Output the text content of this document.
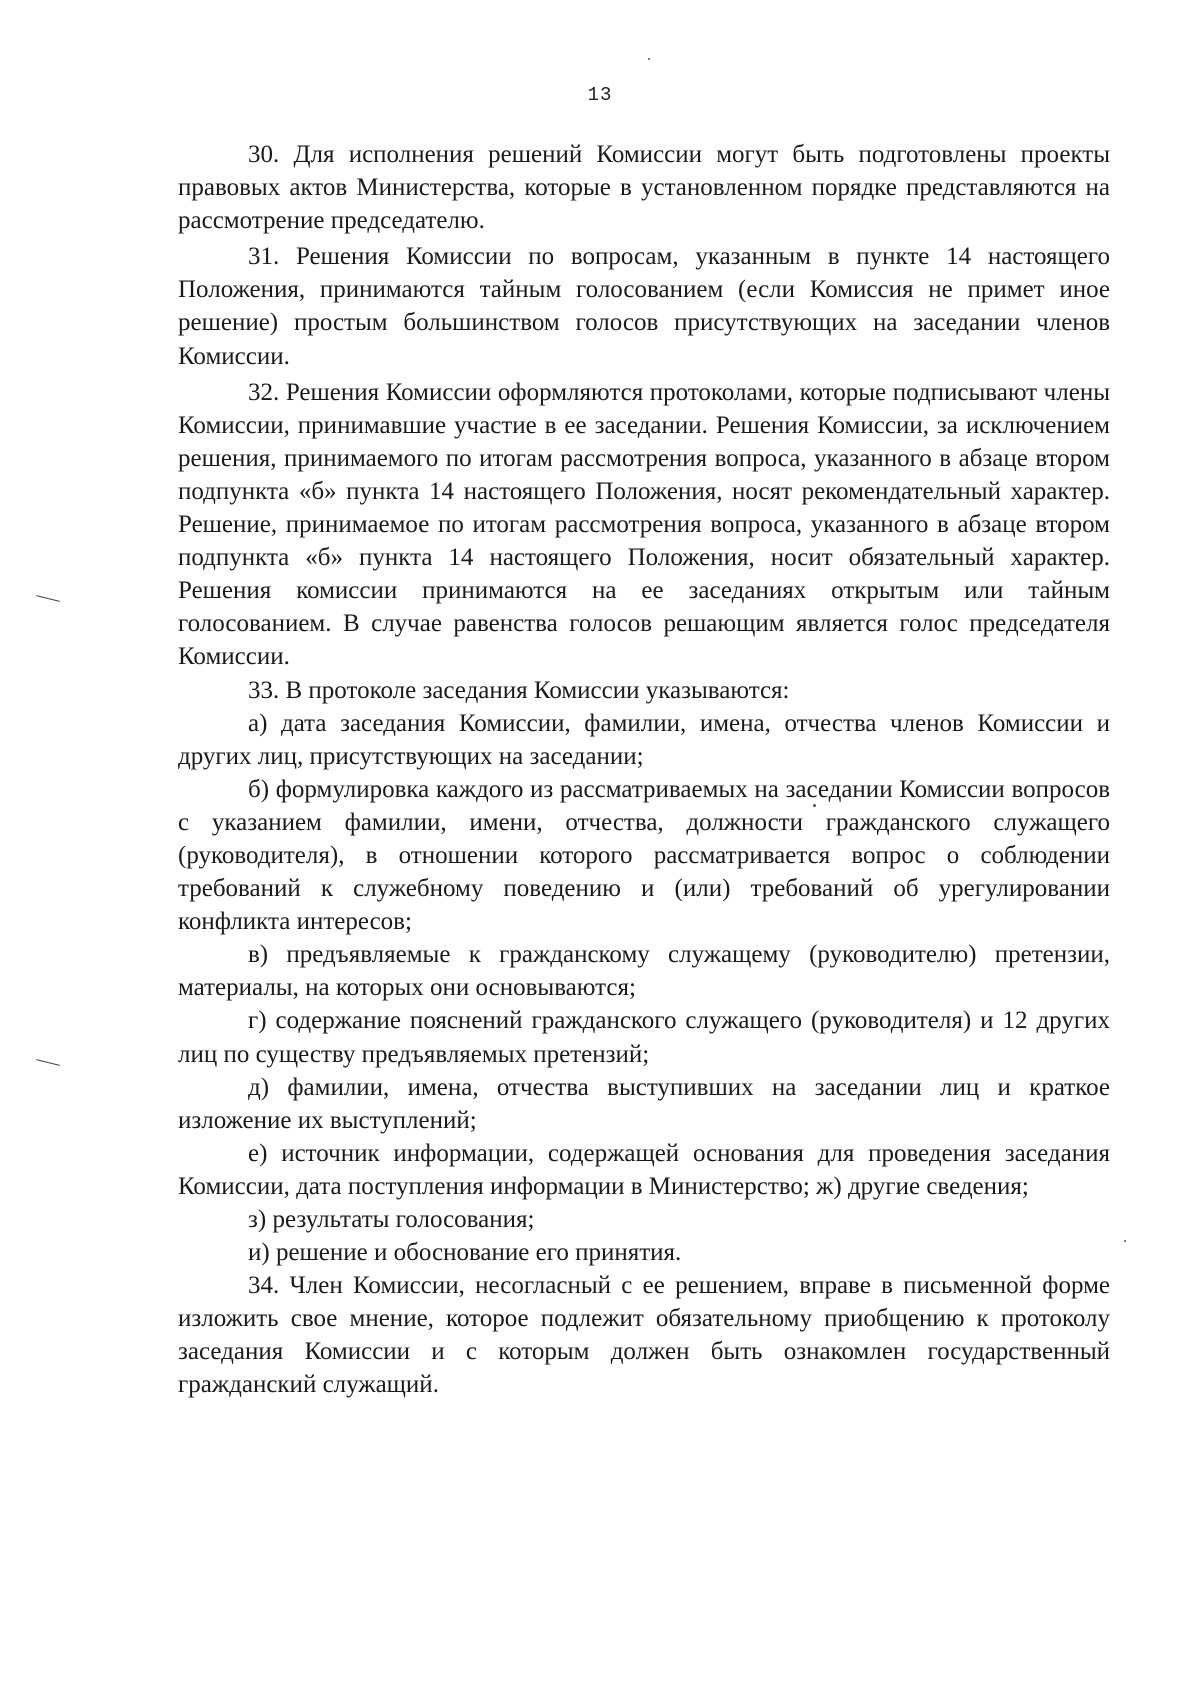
13

30. Для исполнения решений Комиссии могут быть подготовлены проекты правовых актов Министерства, которые в установленном порядке представляются на рассмотрение председателю.

31. Решения Комиссии по вопросам, указанным в пункте 14 настоящего Положения, принимаются тайным голосованием (если Комиссия не примет иное решение) простым большинством голосов присутствующих на заседании членов Комиссии.

32. Решения Комиссии оформляются протоколами, которые подписывают члены Комиссии, принимавшие участие в ее заседании. Решения Комиссии, за исключением решения, принимаемого по итогам рассмотрения вопроса, указанного в абзаце втором подпункта «б» пункта 14 настоящего Положения, носят рекомендательный характер. Решение, принимаемое по итогам рассмотрения вопроса, указанного в абзаце втором подпункта «б» пункта 14 настоящего Положения, носит обязательный характер. Решения комиссии принимаются на ее заседаниях открытым или тайным голосованием. В случае равенства голосов решающим является голос председателя Комиссии.

33. В протоколе заседания Комиссии указываются:

а) дата заседания Комиссии, фамилии, имена, отчества членов Комиссии и других лиц, присутствующих на заседании;

б) формулировка каждого из рассматриваемых на заседании Комиссии вопросов с указанием фамилии, имени, отчества, должности гражданского служащего (руководителя), в отношении которого рассматривается вопрос о соблюдении требований к служебному поведению и (или) требований об урегулировании конфликта интересов;

в) предъявляемые к гражданскому служащему (руководителю) претензии, материалы, на которых они основываются;

г) содержание пояснений гражданского служащего (руководителя) и 12 других лиц по существу предъявляемых претензий;

д) фамилии, имена, отчества выступивших на заседании лиц и краткое изложение их выступлений;

е) источник информации, содержащей основания для проведения заседания Комиссии, дата поступления информации в Министерство; ж) другие сведения;

з) результаты голосования;

и) решение и обоснование его принятия.

34. Член Комиссии, несогласный с ее решением, вправе в письменной форме изложить свое мнение, которое подлежит обязательному приобщению к протоколу заседания Комиссии и с которым должен быть ознакомлен государственный гражданский служащий.
